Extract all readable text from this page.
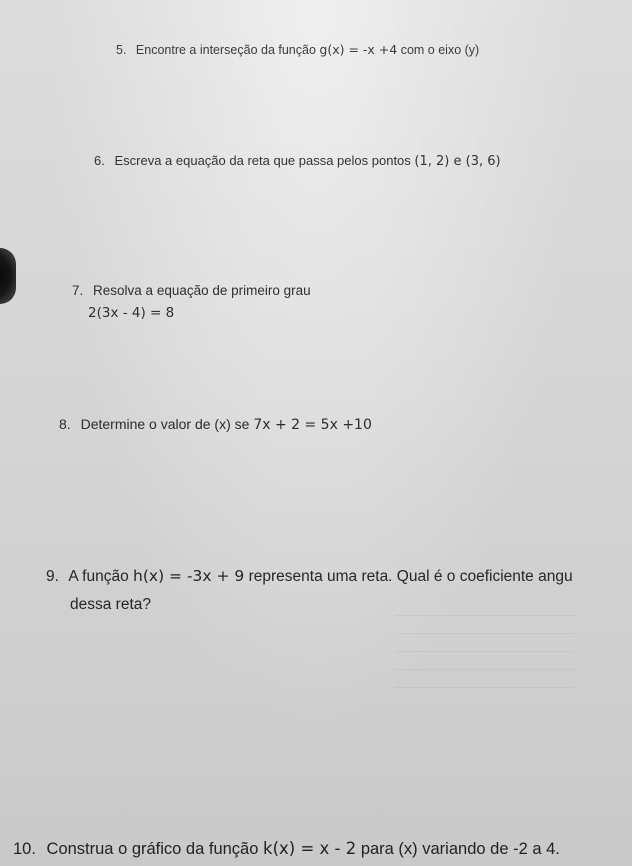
5. Encontre a interseção da função g(x) = -x +4 com o eixo (y)
6. Escreva a equação da reta que passa pelos pontos (1, 2) e (3, 6)
7. Resolva a equação de primeiro grau
2(3x - 4) = 8
8. Determine o valor de (x) se 7x + 2 = 5x +10
9. A função h(x) = -3x + 9 representa uma reta. Qual é o coeficiente angu
dessa reta?
10. Construa o gráfico da função k(x) = x - 2 para (x) variando de -2 a 4.
